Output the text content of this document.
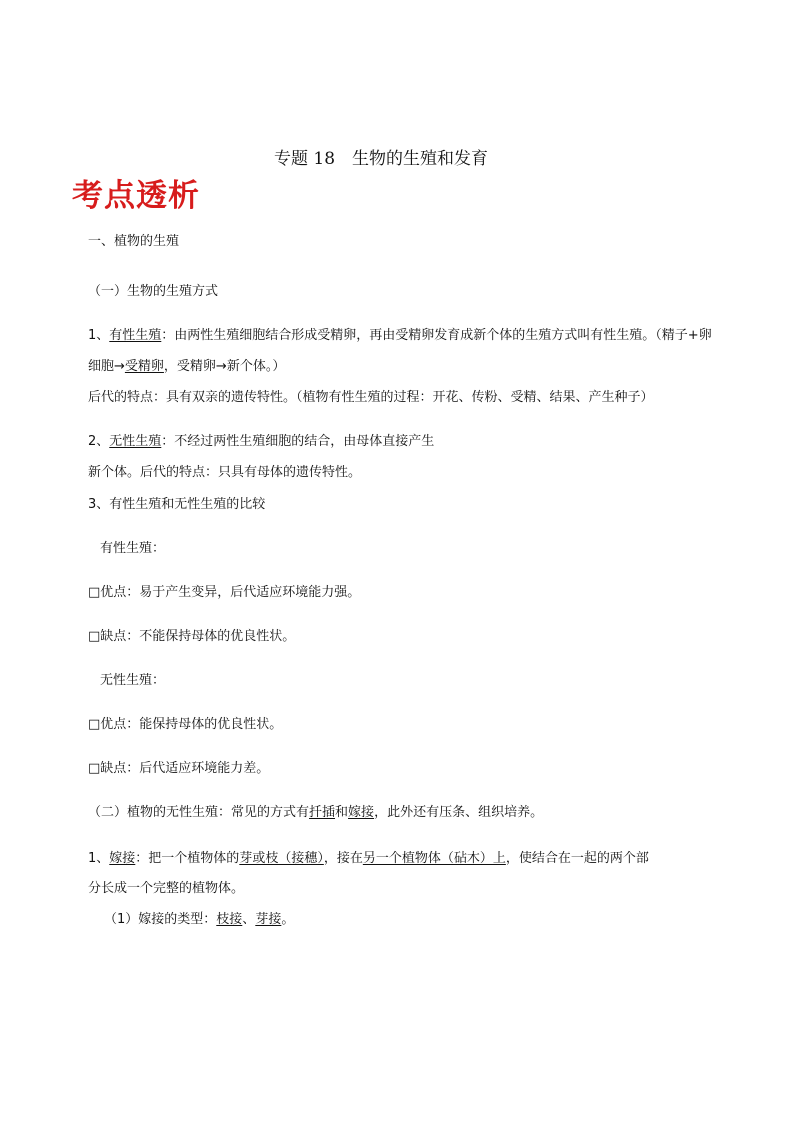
专题 18　生物的生殖和发育
考点透析
一、植物的生殖
（一）生物的生殖方式
1、有性生殖：由两性生殖细胞结合形成受精卵，再由受精卵发育成新个体的生殖方式叫有性生殖。（精子+卵
细胞→受精卵，受精卵→新个体。）
后代的特点：具有双亲的遗传特性。（植物有性生殖的过程：开花、传粉、受精、结果、产生种子）
2、无性生殖：不经过两性生殖细胞的结合，由母体直接产生
新个体。后代的特点：只具有母体的遗传特性。
3、有性生殖和无性生殖的比较
有性生殖：
□优点：易于产生变异，后代适应环境能力强。
□缺点：不能保持母体的优良性状。
无性生殖：
□优点：能保持母体的优良性状。
□缺点：后代适应环境能力差。
（二）植物的无性生殖：常见的方式有扦插和嫁接，此外还有压条、组织培养。
1、嫁接：把一个植物体的芽或枝（接穗），接在另一个植物体（砧木）上，使结合在一起的两个部
分长成一个完整的植物体。
（1）嫁接的类型：枝接、芽接。
